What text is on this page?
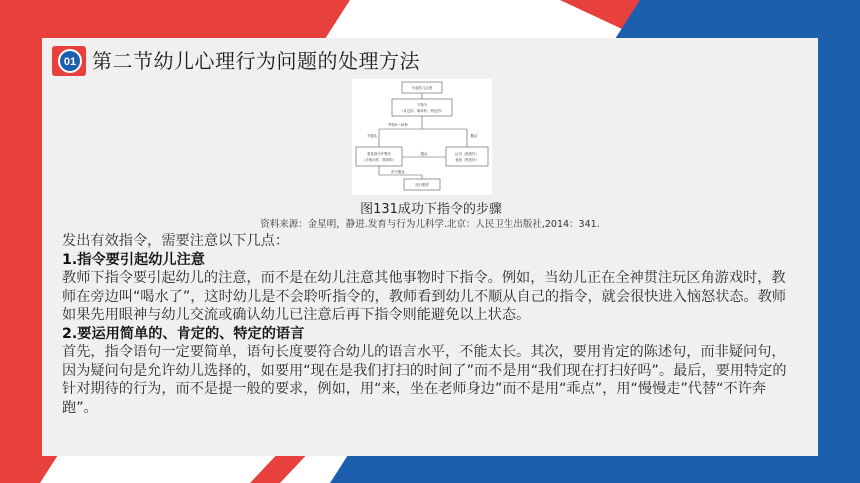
01 第二节幼儿心理行为问题的处理方法
引起幼儿注意
下指令
（肯定的、简单的、特定的）
等待5~10秒
不服从	服从
重复指令并警告
（手势动作、简单的）
服从	认可（鼓励你）
表扬（赞美好）
仍不服从
执行暂停
图131成功下指令的步骤
资料来源：金星明，静进.发育与行为儿科学.北京：人民卫生出版社,2014：341.

发出有效指令，需要注意以下几点：

1.指令要引起幼儿注意

教师下指令要引起幼儿的注意，而不是在幼儿注意其他事物时下指令。例如，当幼儿正在全神贯注玩区角游戏时，教师在旁边叫“喝水了”，这时幼儿是不会聆听指令的，教师看到幼儿不顺从自己的指令，就会很快进入恼怒状态。教师如果先用眼神与幼儿交流或确认幼儿已注意后再下指令则能避免以上状态。

2.要运用简单的、肯定的、特定的语言

首先，指令语句一定要简单，语句长度要符合幼儿的语言水平，不能太长。其次，要用肯定的陈述句，而非疑问句，因为疑问句是允许幼儿选择的，如要用“现在是我们打扫的时间了”而不是用“我们现在打扫好吗”。最后，要用特定的针对期待的行为，而不是提一般的要求，例如，用“来，坐在老师身边”而不是用“乖点”，用“慢慢走”代替“不许奔跑”。
